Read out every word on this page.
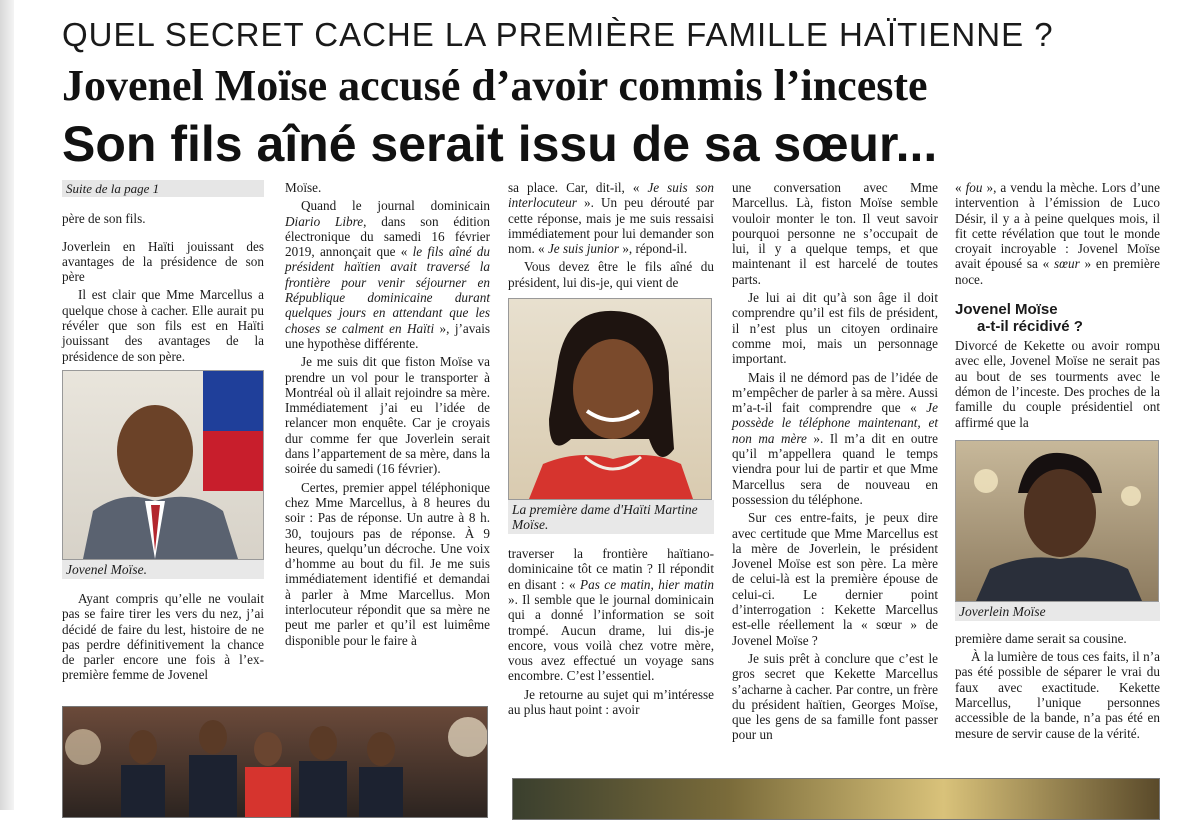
QUEL SECRET CACHE LA PREMIÈRE FAMILLE HAÏTIENNE ?
Jovenel Moïse accusé d’avoir commis l’inceste
Son fils aîné serait issu de sa sœur...
Suite de la page 1

père de son fils.

Joverlein en Haïti jouissant des avantages de la présidence de son père

Il est clair que Mme Marcellus a quelque chose à cacher. Elle aurait pu révéler que son fils est en Haïti jouissant des avantages de la présidence de son père.

Jovenel Moïse.

Ayant compris qu’elle ne voulait pas se faire tirer les vers du nez, j’ai décidé de faire du lest, histoire de ne pas perdre définitivement la chance de parler encore une fois à l’ex-première femme de Jovenel

Moïse.

Quand le journal dominicain Diario Libre, dans son édition électronique du samedi 16 février 2019, annonçait que « le fils aîné du président haïtien avait traversé la frontière pour venir séjourner en République dominicaine durant quelques jours en attendant que les choses se calment en Haïti », j’avais une hypothèse différente.

Je me suis dit que fiston Moïse va prendre un vol pour le transporter à Montréal où il allait rejoindre sa mère. Immédiatement j’ai eu l’idée de relancer mon enquête. Car je croyais dur comme fer que Joverlein serait dans l’appartement de sa mère, dans la soirée du samedi (16 février).

Certes, premier appel téléphonique chez Mme Marcellus, à 8 heures du soir : Pas de réponse. Un autre à 8 h. 30, toujours pas de réponse. À 9 heures, quelqu’un décroche. Une voix d’homme au bout du fil. Je me suis immédiatement identifié et demandai à parler à Mme Marcellus. Mon interlocuteur répondit que sa mère ne peut me parler et qu’il est luimême disponible pour le faire à

sa place. Car, dit-il, « Je suis son interlocuteur ». Un peu dérouté par cette réponse, mais je me suis ressaisi immédiatement pour lui demander son nom. « Je suis junior », répond-il.

Vous devez être le fils aîné du président, lui dis-je, qui vient de

La première dame d'Haïti Martine Moïse.

traverser la frontière haïtiano-dominicaine tôt ce matin ? Il répondit en disant : « Pas ce matin, hier matin ». Il semble que le journal dominicain qui a donné l’information se soit trompé. Aucun drame, lui dis-je encore, vous voilà chez votre mère, vous avez effectué un voyage sans encombre. C’est l’essentiel.

Je retourne au sujet qui m’intéresse au plus haut point : avoir

une conversation avec Mme Marcellus. Là, fiston Moïse semble vouloir monter le ton. Il veut savoir pourquoi personne ne s’occupait de lui, il y a quelque temps, et que maintenant il est harcelé de toutes parts.

Je lui ai dit qu’à son âge il doit comprendre qu’il est fils de président, il n’est plus un citoyen ordinaire comme moi, mais un personnage important.

Mais il ne démord pas de l’idée de m’empêcher de parler à sa mère. Aussi m’a-t-il fait comprendre que « Je possède le téléphone maintenant, et non ma mère ». Il m’a dit en outre qu’il m’appellera quand le temps viendra pour lui de partir et que Mme Marcellus sera de nouveau en possession du téléphone.

Sur ces entre-faits, je peux dire avec certitude que Mme Marcellus est la mère de Joverlein, le président Jovenel Moïse est son père. La mère de celui-là est la première épouse de celui-ci. Le dernier point d’interrogation : Kekette Marcellus est-elle réellement la « sœur » de Jovenel Moïse ?

Je suis prêt à conclure que c’est le gros secret que Kekette Marcellus s’acharne à cacher. Par contre, un frère du président haïtien, Georges Moïse, que les gens de sa famille font passer pour un

« fou », a vendu la mèche. Lors d’une intervention à l’émission de Luco Désir, il y a à peine quelques mois, il fit cette révélation que tout le monde croyait incroyable : Jovenel Moïse avait épousé sa « sœur » en première noce.

Jovenel Moïse
a-t-il récidivé ?

Divorcé de Kekette ou avoir rompu avec elle, Jovenel Moïse ne serait pas au bout de ses tourments avec le démon de l’inceste. Des proches de la famille du couple présidentiel ont affirmé que la

Joverlein Moïse

première dame serait sa cousine.

À la lumière de tous ces faits, il n’a pas été possible de séparer le vrai du faux avec exactitude. Kekette Marcellus, l’unique personnes accessible de la bande, n’a pas été en mesure de servir cause de la vérité.
